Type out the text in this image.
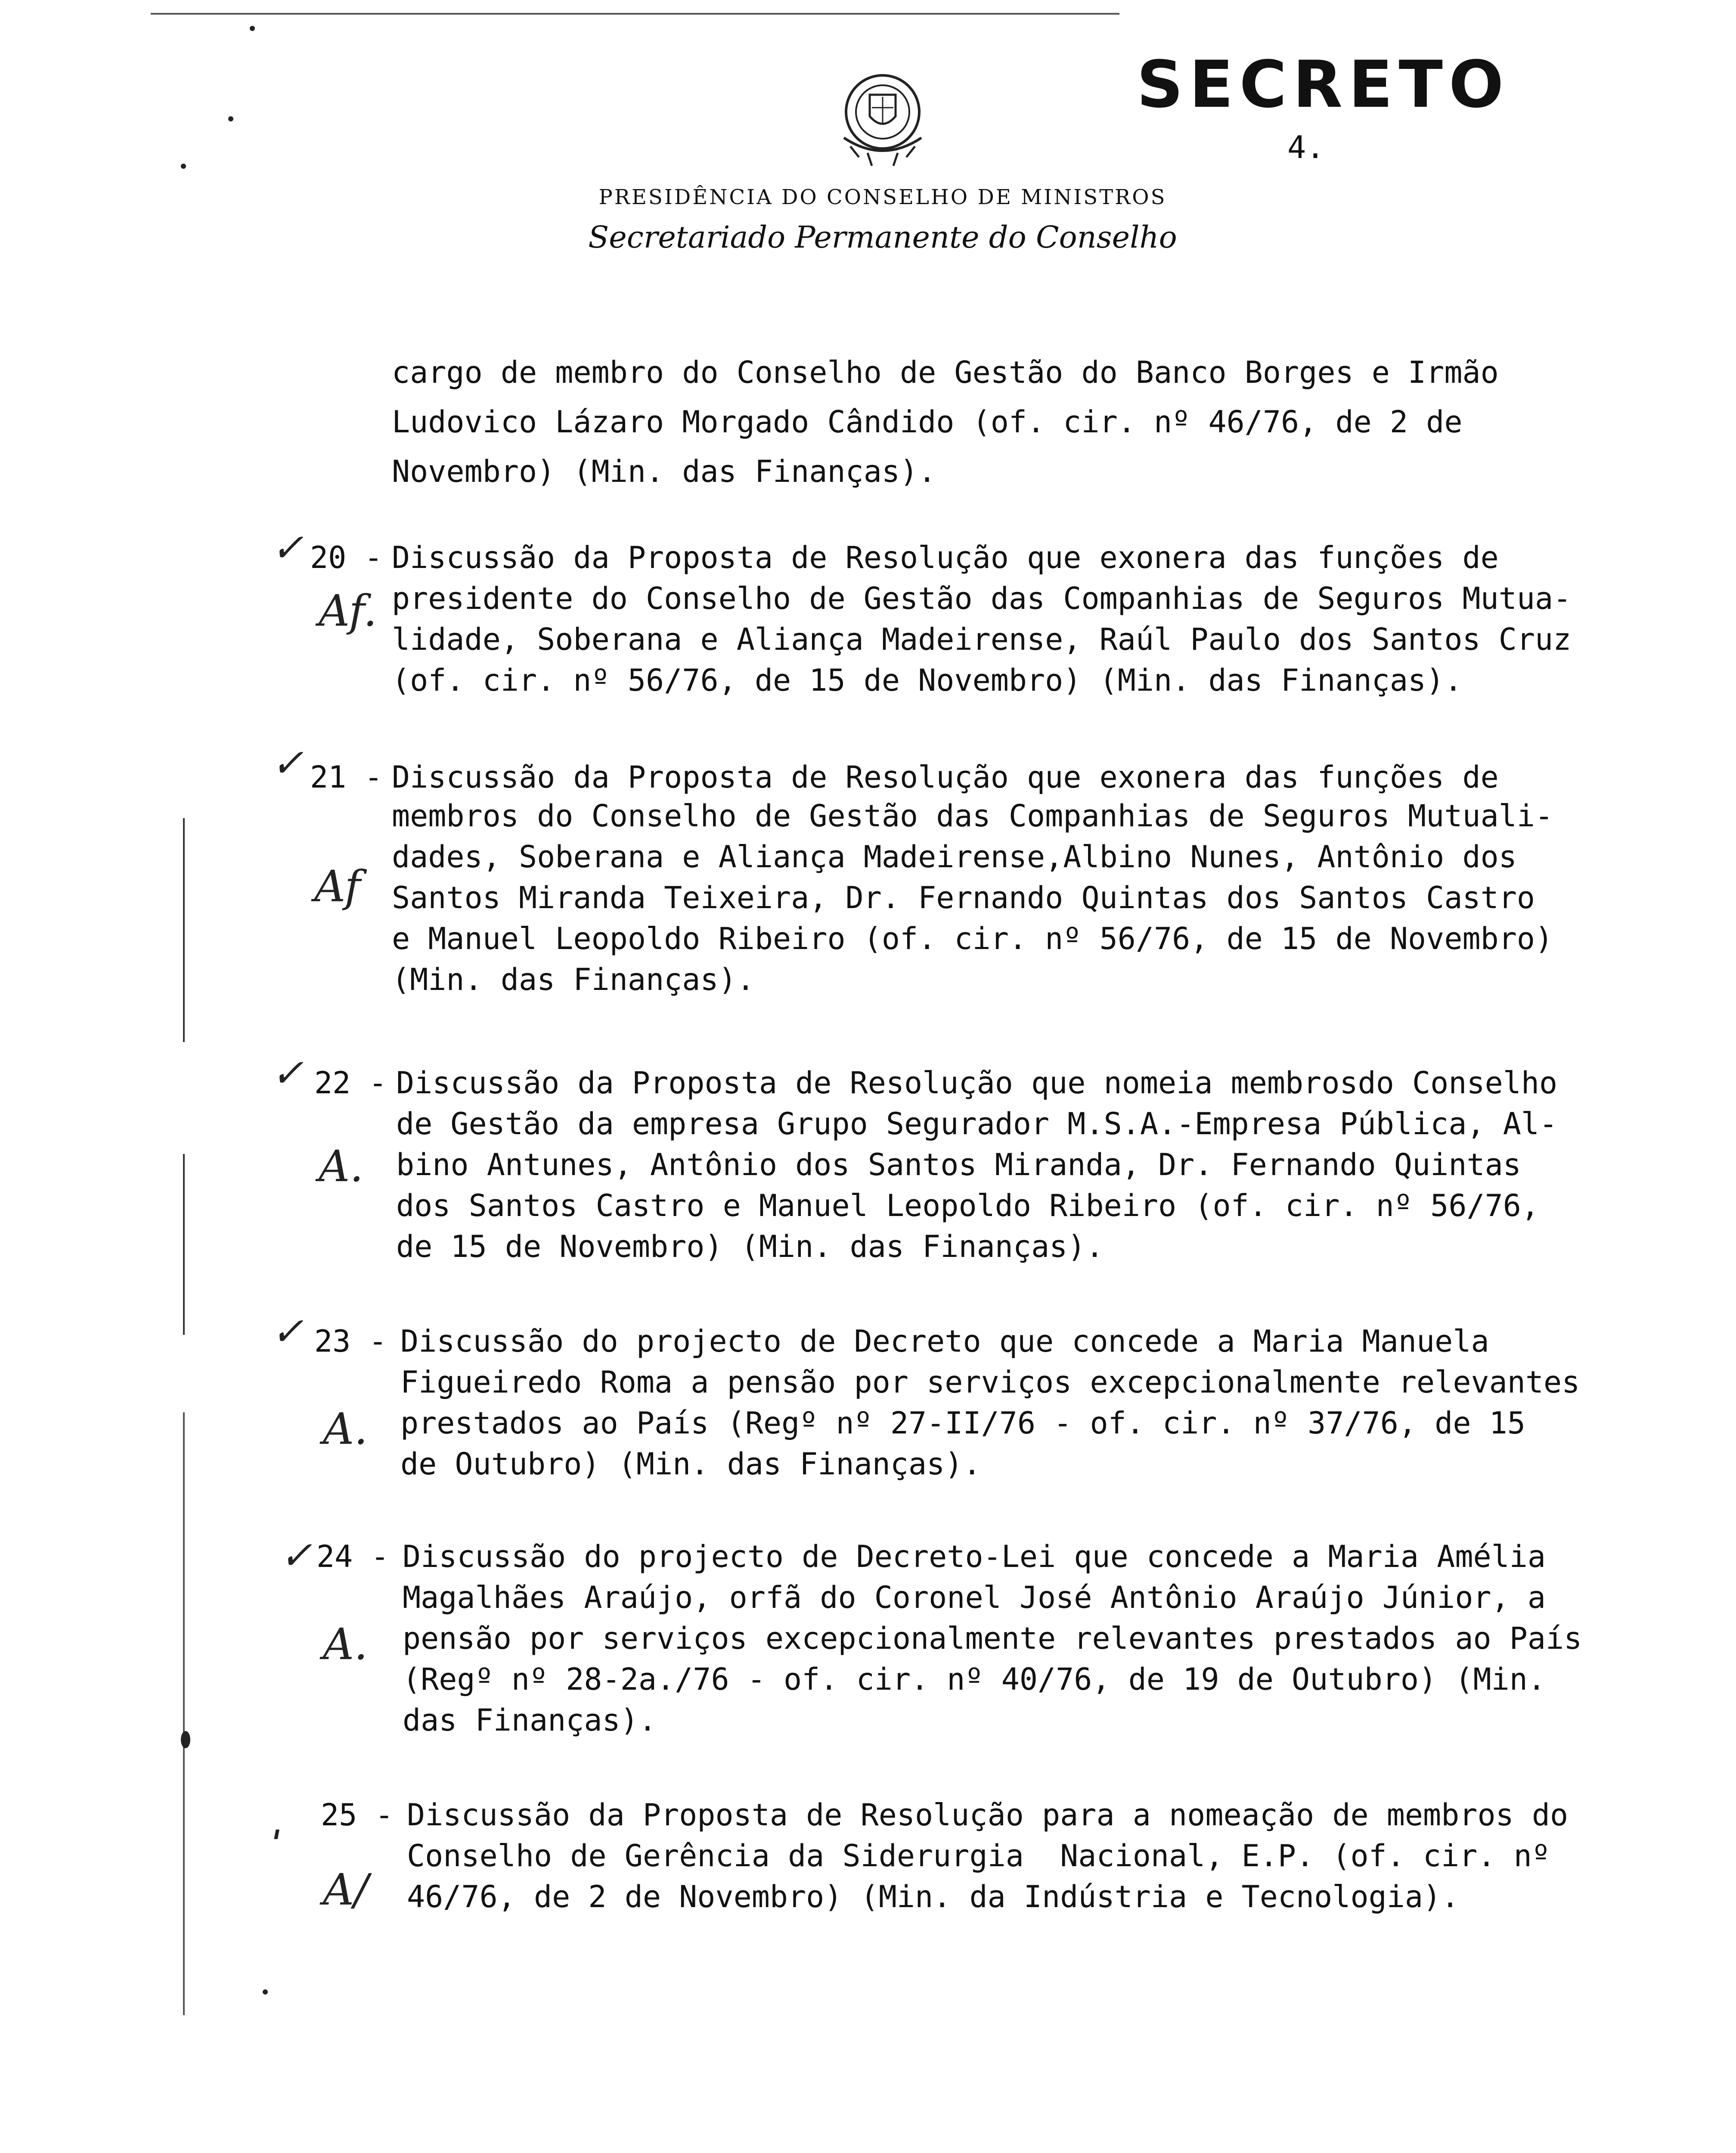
SECRETO
4.
PRESIDÊNCIA DO CONSELHO DE MINISTROS
Secretariado Permanente do Conselho
cargo de membro do Conselho de Gestão do Banco Borges e Irmão
Ludovico Lázaro Morgado Cândido (of. cir. nº 46/76, de 2 de
Novembro) (Min. das Finanças).
✓ 20 -
Af.
Discussão da Proposta de Resolução que exonera das funções de
presidente do Conselho de Gestão das Companhias de Seguros Mutua-
lidade, Soberana e Aliança Madeirense, Raúl Paulo dos Santos Cruz
(of. cir. nº 56/76, de 15 de Novembro) (Min. das Finanças).
✓ 21 -
Af
Discussão da Proposta de Resolução que exonera das funções de
membros do Conselho de Gestão das Companhias de Seguros Mutuali-
dades, Soberana e Aliança Madeirense,Albino Nunes, Antônio dos
Santos Miranda Teixeira, Dr. Fernando Quintas dos Santos Castro
e Manuel Leopoldo Ribeiro (of. cir. nº 56/76, de 15 de Novembro)
(Min. das Finanças).
✓ 22 -
A.
Discussão da Proposta de Resolução que nomeia membrosdo Conselho
de Gestão da empresa Grupo Segurador M.S.A.-Empresa Pública, Al-
bino Antunes, Antônio dos Santos Miranda, Dr. Fernando Quintas
dos Santos Castro e Manuel Leopoldo Ribeiro (of. cir. nº 56/76,
de 15 de Novembro) (Min. das Finanças).
✓ 23 -
A.
Discussão do projecto de Decreto que concede a Maria Manuela
Figueiredo Roma a pensão por serviços excepcionalmente relevantes
prestados ao País (Regº nº 27-II/76 - of. cir. nº 37/76, de 15
de Outubro) (Min. das Finanças).
✓ 24 -
A.
Discussão do projecto de Decreto-Lei que concede a Maria Amélia
Magalhães Araújo, orfã do Coronel José Antônio Araújo Júnior, a
pensão por serviços excepcionalmente relevantes prestados ao País
(Regº nº 28-2a./76 - of. cir. nº 40/76, de 19 de Outubro) (Min.
das Finanças).
ˌ 25 -
A/
Discussão da Proposta de Resolução para a nomeação de membros do
Conselho de Gerência da Siderurgia  Nacional, E.P. (of. cir. nº
46/76, de 2 de Novembro) (Min. da Indústria e Tecnologia).
